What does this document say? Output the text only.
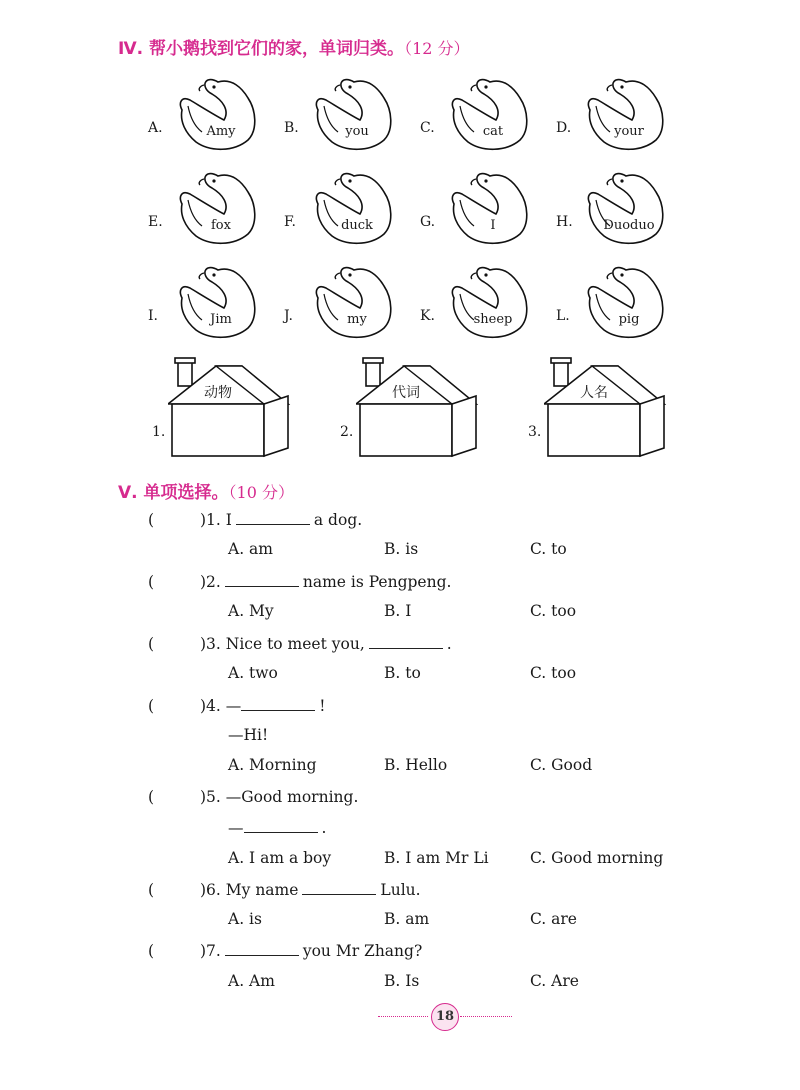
Ⅳ. 帮小鹅找到它们的家，单词归类。（12 分）
A.	Amy	B.	you	C.	cat	D.	your
E.	fox	F.	duck	G.	I	H.	Duoduo
I.	Jim	J.	my	K.	sheep	L.	pig
1.
动物
2.
代词
3.
人名
Ⅴ. 单项选择。（10 分）
(	)1. I	a dog.
A. am	B. is	C. to
(	)2.	name is Pengpeng.
A. My	B. I	C. too
(	)3. Nice to meet you,	.
A. two	B. to	C. too
(	)4. —	!
—Hi!
A. Morning	B. Hello	C. Good
(	)5. —Good morning.
—	.
A. I am a boy	B. I am Mr Li	C. Good morning
(	)6. My name	Lulu.
A. is	B. am	C. are
(	)7.	you Mr Zhang?
A. Am	B. Is	C. Are
18
